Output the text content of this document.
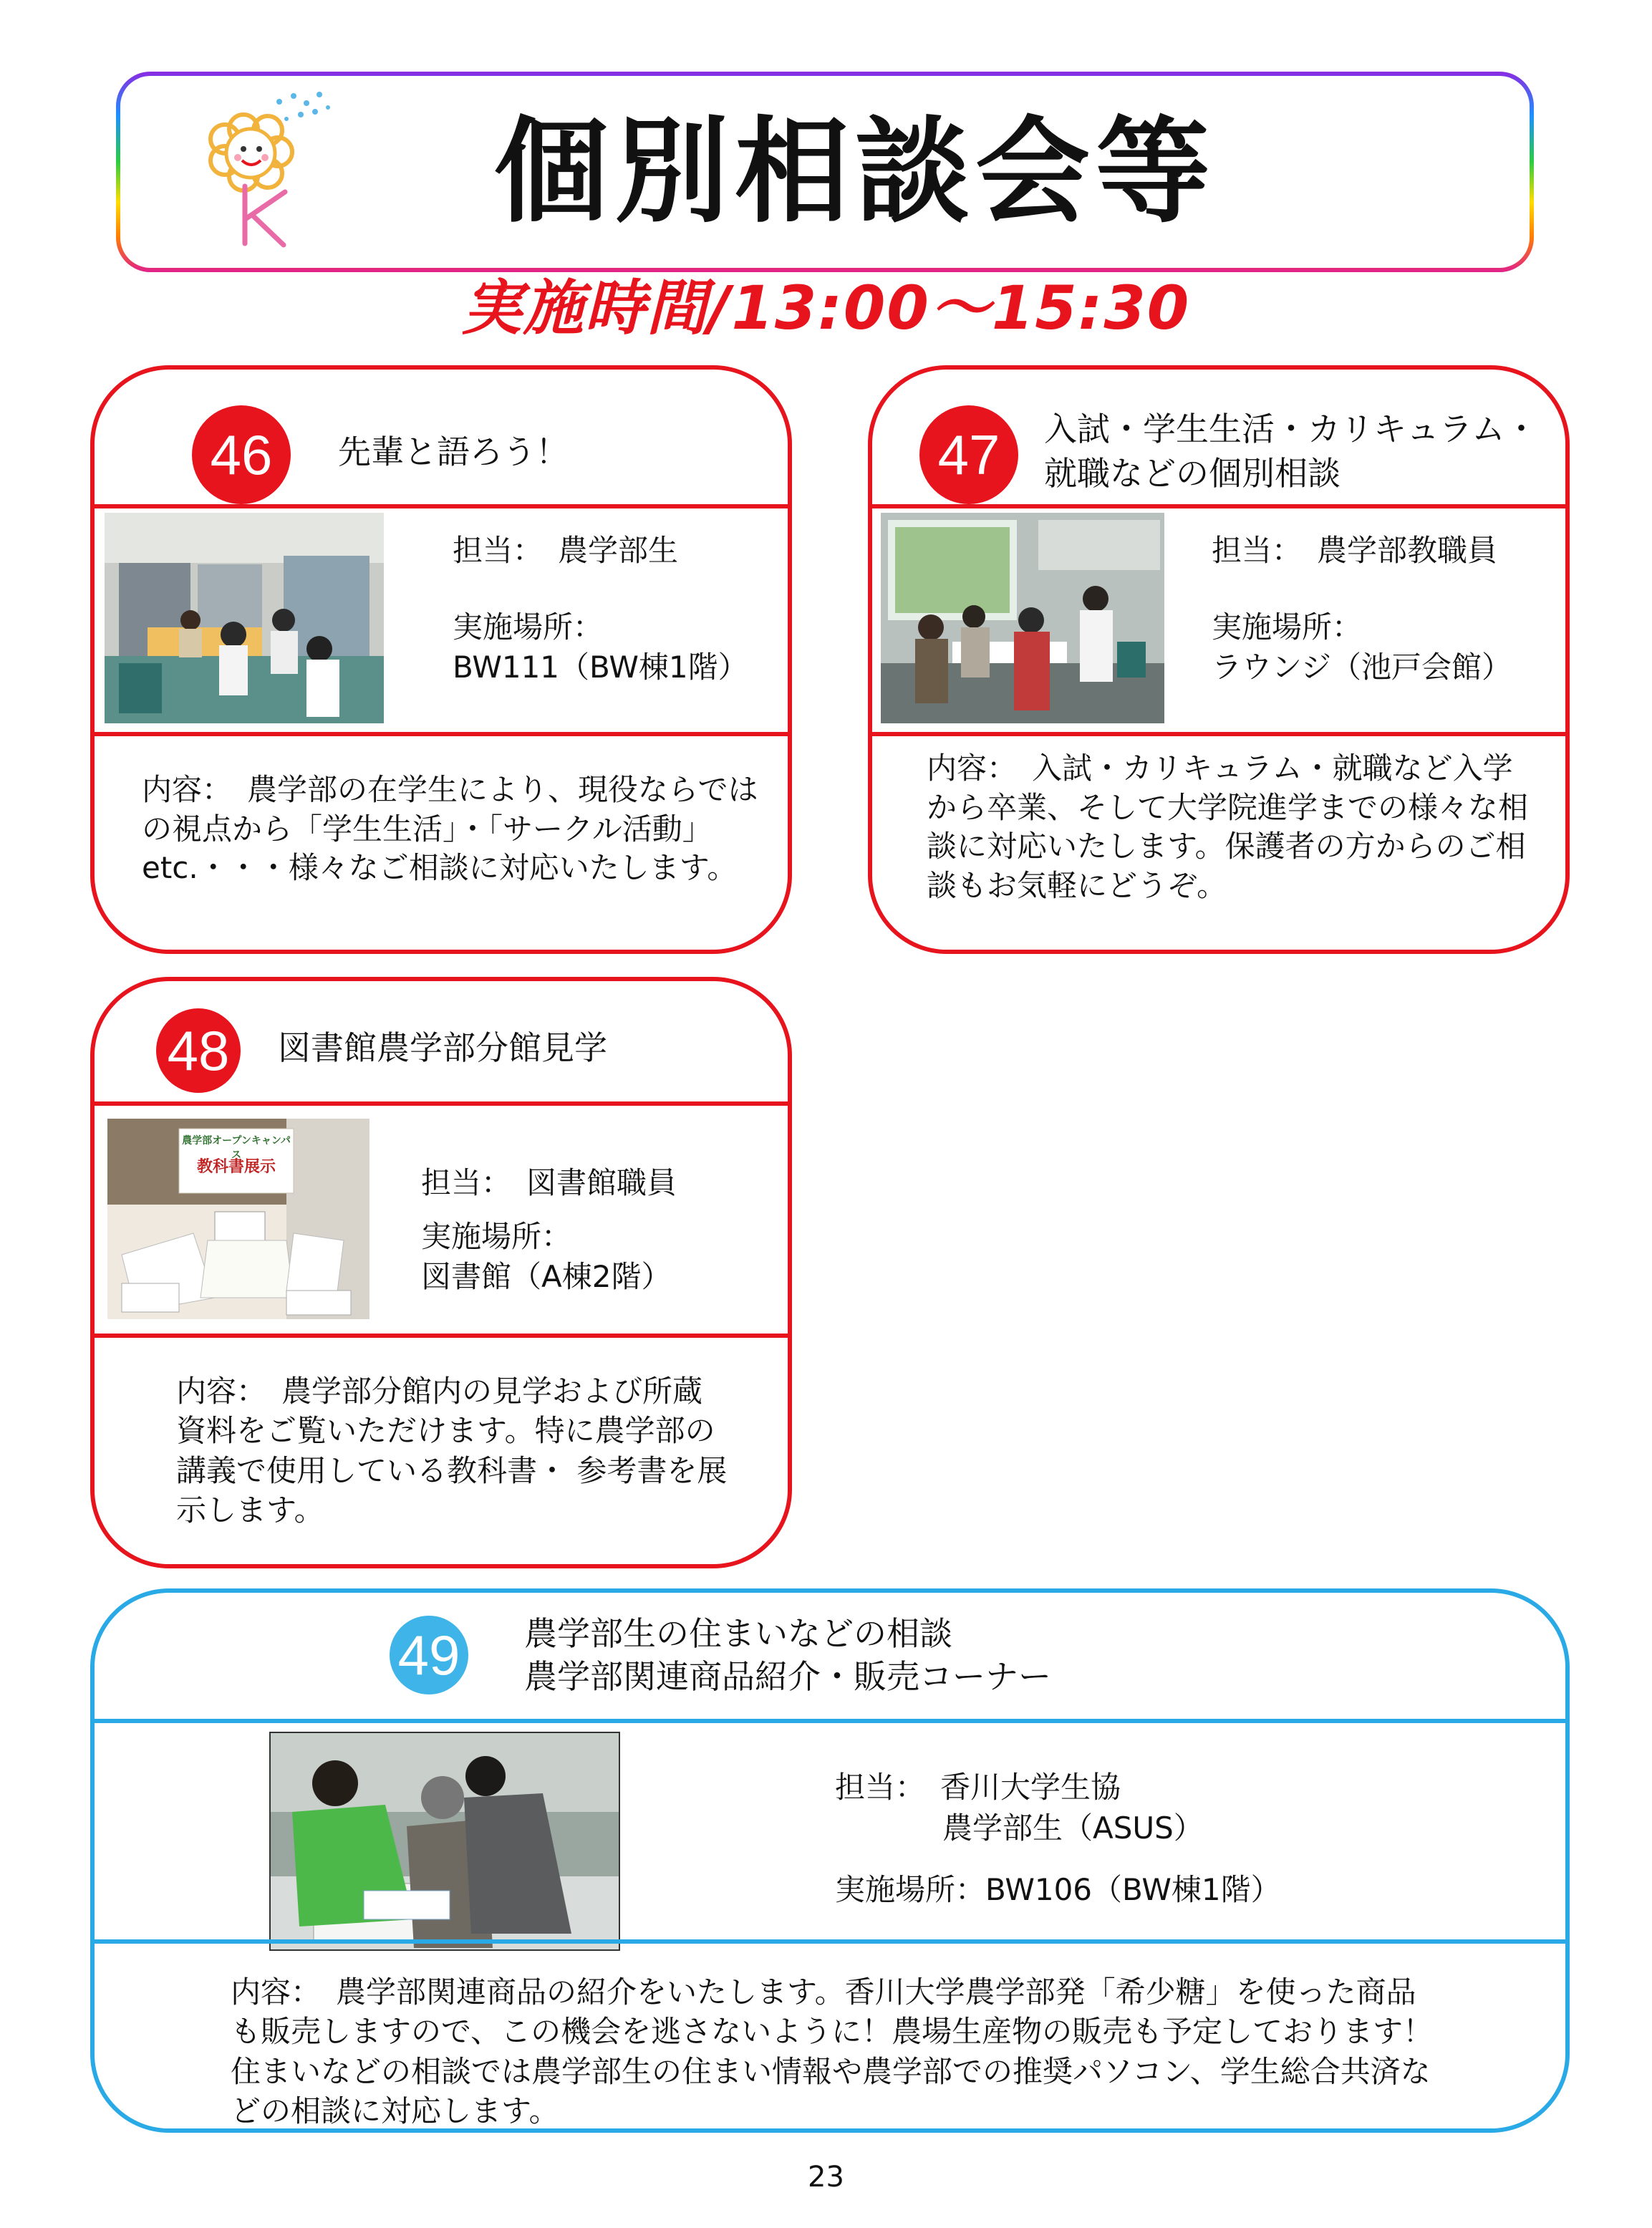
個別相談会等
実施時間/13:00～15:30
46	先輩と語ろう！

担当：　農学部生

実施場所：

BW111（BW棟1階）

内容：　農学部の在学生により、現役ならではの視点から「学生生活」・「サークル活動」etc.・・・様々なご相談に対応いたします。
47	入試・学生生活・カリキュラム・就職などの個別相談

担当：　農学部教職員

実施場所：

ラウンジ（池戸会館）

内容：　入試・カリキュラム・就職など入学から卒業、そして大学院進学までの様々な相談に対応いたします。保護者の方からのご相談もお気軽にどうぞ。
48	図書館農学部分館見学
農学部オープンキャンパス
教科書展示	担当：　図書館職員

実施場所：

図書館（A棟2階）

内容：　農学部分館内の見学および所蔵資料をご覧いただけます。特に農学部の講義で使用している教科書・ 参考書を展示します。
49 農学部生の住まいなどの相談
農学部関連商品紹介・販売コーナー

担当：　香川大学生協

農学部生（ASUS）

実施場所：BW106（BW棟1階）

内容：　農学部関連商品の紹介をいたします。香川大学農学部発「希少糖」を使った商品も販売しますので、この機会を逃さないように！農場生産物の販売も予定しております！住まいなどの相談では農学部生の住まい情報や農学部での推奨パソコン、学生総合共済などの相談に対応します。
23
